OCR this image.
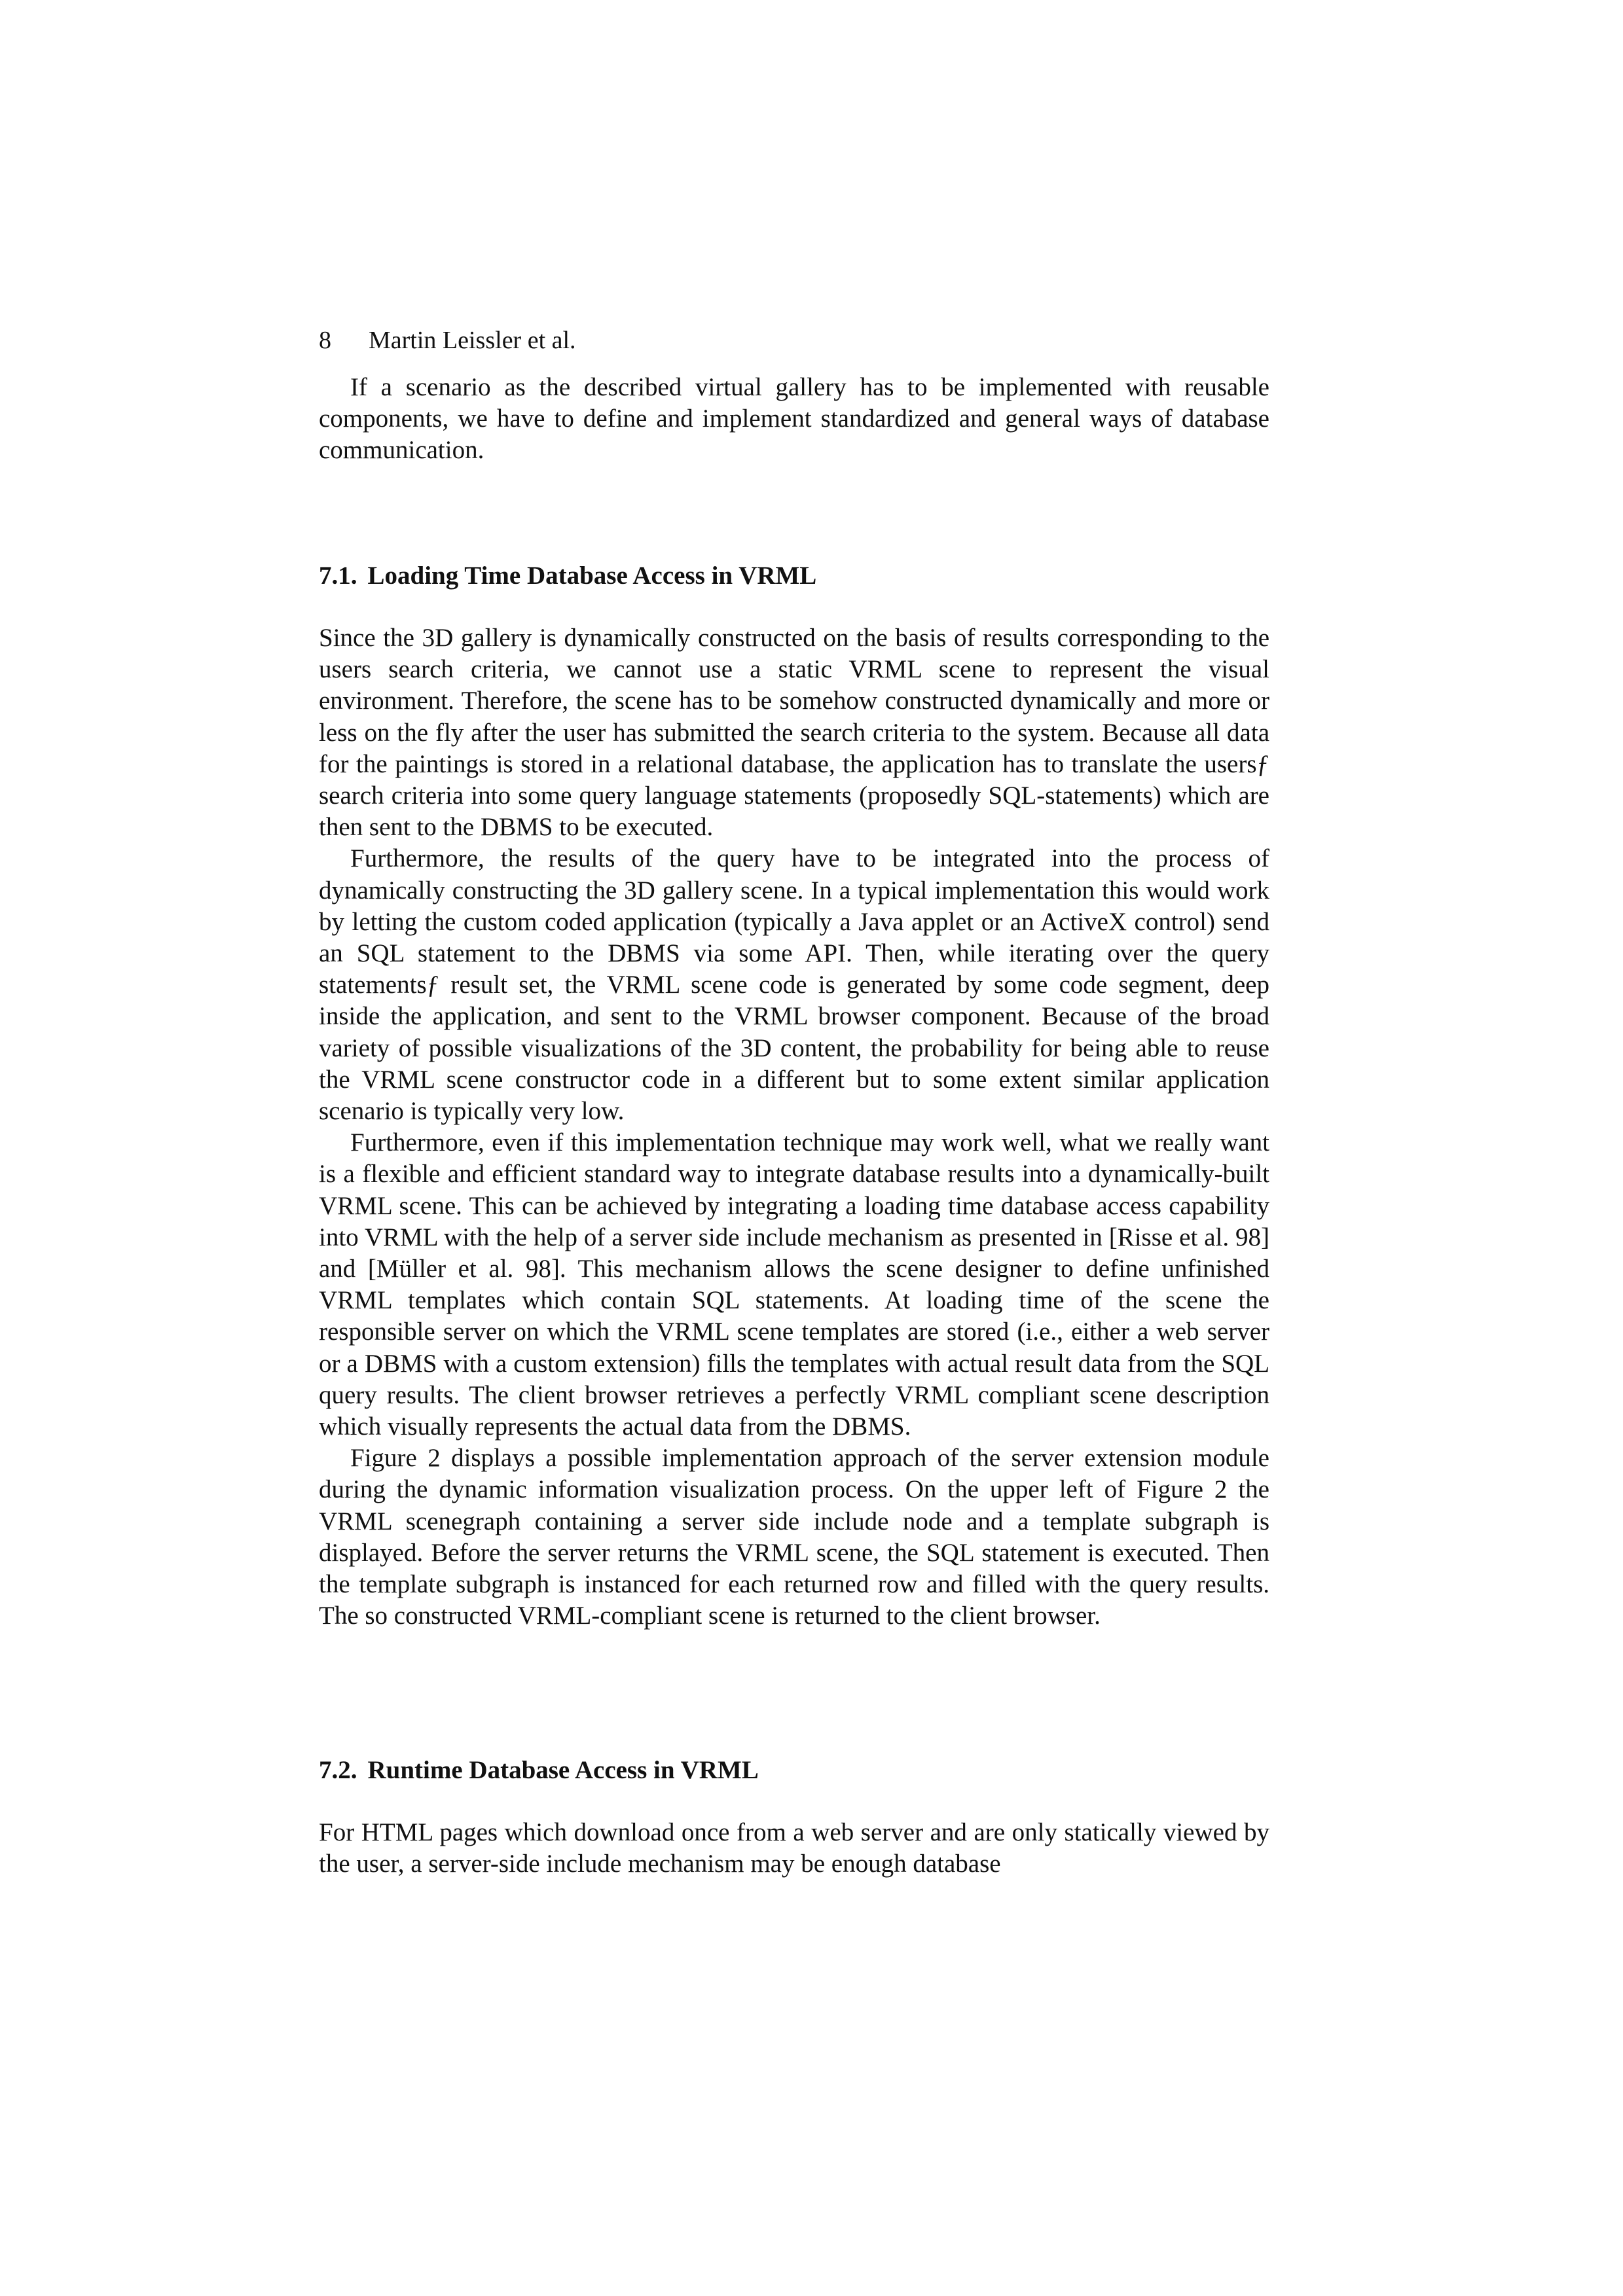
8 Martin Leissler et al.

If a scenario as the described virtual gallery has to be implemented with reusable components, we have to define and implement standardized and general ways of database communication.

7.1. Loading Time Database Access in VRML

Since the 3D gallery is dynamically constructed on the basis of results corresponding to the users search criteria, we cannot use a static VRML scene to represent the visual environment. Therefore, the scene has to be somehow constructed dynamically and more or less on the fly after the user has submitted the search criteria to the system. Because all data for the paintings is stored in a relational database, the application has to translate the usersƒ search criteria into some query language statements (proposedly SQL-statements) which are then sent to the DBMS to be executed.

Furthermore, the results of the query have to be integrated into the process of dynamically constructing the 3D gallery scene. In a typical implementation this would work by letting the custom coded application (typically a Java applet or an ActiveX control) send an SQL statement to the DBMS via some API. Then, while iterating over the query statementsƒ result set, the VRML scene code is generated by some code segment, deep inside the application, and sent to the VRML browser component. Because of the broad variety of possible visualizations of the 3D content, the probability for being able to reuse the VRML scene constructor code in a different but to some extent similar application scenario is typically very low.

Furthermore, even if this implementation technique may work well, what we really want is a flexible and efficient standard way to integrate database results into a dynamically-built VRML scene. This can be achieved by integrating a loading time database access capability into VRML with the help of a server side include mechanism as presented in [Risse et al. 98] and [Müller et al. 98]. This mechanism allows the scene designer to define unfinished VRML templates which contain SQL statements. At loading time of the scene the responsible server on which the VRML scene templates are stored (i.e., either a web server or a DBMS with a custom extension) fills the templates with actual result data from the SQL query results. The client browser retrieves a perfectly VRML compliant scene description which visually represents the actual data from the DBMS.

Figure 2 displays a possible implementation approach of the server extension module during the dynamic information visualization process. On the upper left of Figure 2 the VRML scenegraph containing a server side include node and a template subgraph is displayed. Before the server returns the VRML scene, the SQL statement is executed. Then the template subgraph is instanced for each returned row and filled with the query results. The so constructed VRML-compliant scene is returned to the client browser.

7.2. Runtime Database Access in VRML

For HTML pages which download once from a web server and are only statically viewed by the user, a server-side include mechanism may be enough database
